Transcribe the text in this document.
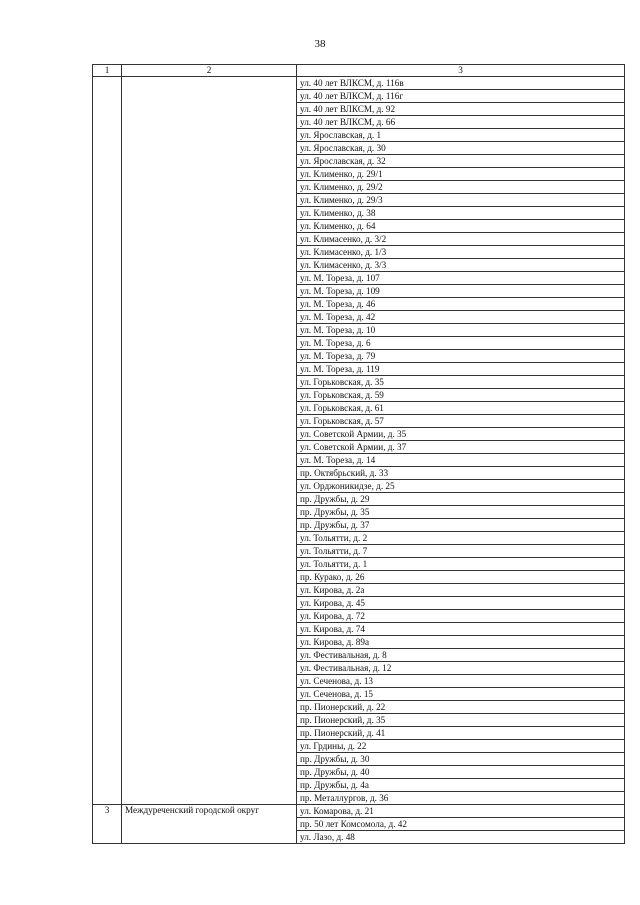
38
1	2	3
		ул. 40 лет ВЛКСМ, д. 116в
		ул. 40 лет ВЛКСМ, д. 116г
		ул. 40 лет ВЛКСМ, д. 92
		ул. 40 лет ВЛКСМ, д. 66
		ул. Ярославская, д. 1
		ул. Ярославская, д. 30
		ул. Ярославская, д. 32
		ул. Клименко, д. 29/1
		ул. Клименко, д. 29/2
		ул. Клименко, д. 29/3
		ул. Клименко, д. 38
		ул. Клименко, д. 64
		ул. Климасенко, д. 3/2
		ул. Климасенко, д. 1/3
		ул. Климасенко, д. 3/3
		ул. М. Тореза, д. 107
		ул. М. Тореза, д. 109
		ул. М. Тореза, д. 46
		ул. М. Тореза, д. 42
		ул. М. Тореза, д. 10
		ул. М. Тореза, д. 6
		ул. М. Тореза, д. 79
		ул. М. Тореза, д. 119
		ул. Горьковская, д. 35
		ул. Горьковская, д. 59
		ул. Горьковская, д. 61
		ул. Горьковская, д. 57
		ул. Советской Армии, д. 35
		ул. Советской Армии, д. 37
		ул. М. Тореза, д. 14
		пр. Октябрьский, д. 33
		ул. Орджоникидзе, д. 25
		пр. Дружбы, д. 29
		пр. Дружбы, д. 35
		пр. Дружбы, д. 37
		ул. Тольятти, д. 2
		ул. Тольятти, д. 7
		ул. Тольятти, д. 1
		пр. Курако, д. 26
		ул. Кирова, д. 2а
		ул. Кирова, д. 45
		ул. Кирова, д. 72
		ул. Кирова, д. 74
		ул. Кирова, д. 89а
		ул. Фестивальная, д. 8
		ул. Фестивальная, д. 12
		ул. Сеченова, д. 13
		ул. Сеченова, д. 15
		пр. Пионерский, д. 22
		пр. Пионерский, д. 35
		пр. Пионерский, д. 41
		ул. Грдины, д. 22
		пр. Дружбы, д. 30
		пр. Дружбы, д. 40
		пр. Дружбы, д. 4а
		пр. Металлургов, д. 36
3	Междуреченский городской округ	ул. Комарова, д. 21
		пр. 50 лет Комсомола, д. 42
		ул. Лазо, д. 48
